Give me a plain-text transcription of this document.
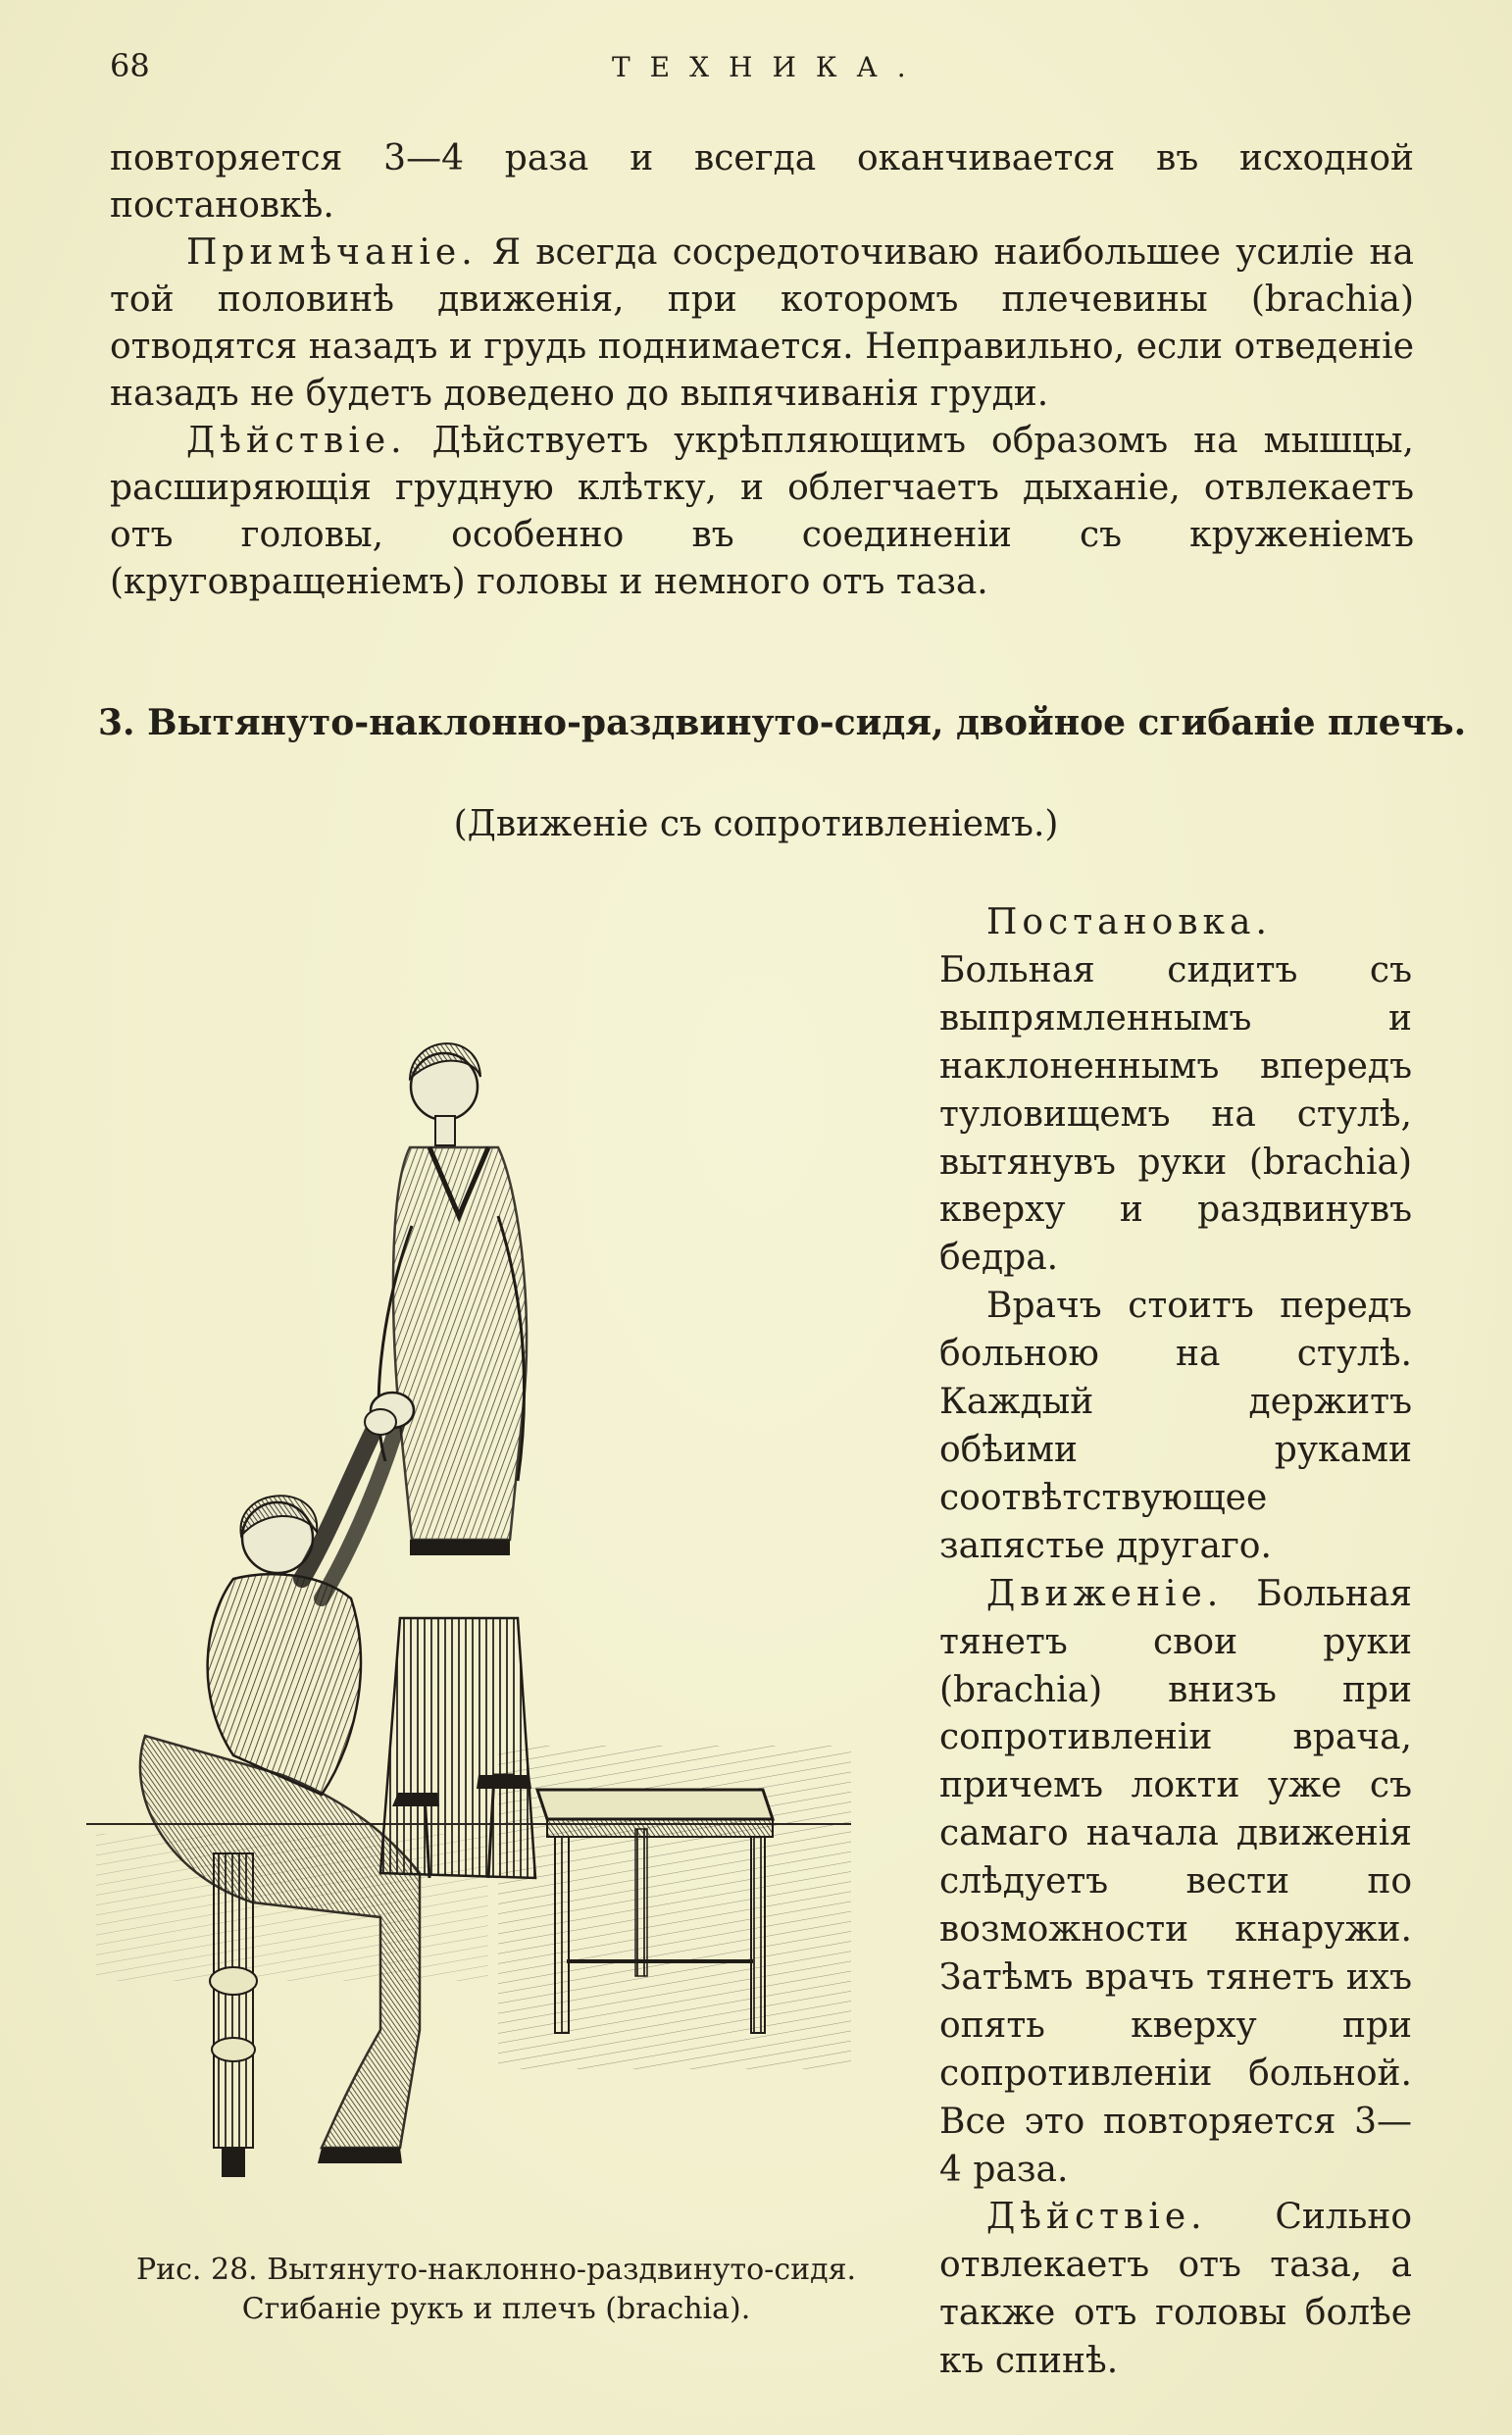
68	ТЕХНИКА.

повторяется 3—4 раза и всегда оканчивается въ исходной постановкѣ.

Примѣчаніе. Я всегда сосредоточиваю наибольшее усиліе на той половинѣ движенія, при которомъ плечевины (brachia) отводятся назадъ и грудь поднимается. Неправильно, если отведеніе назадъ не будетъ доведено до выпячиванія груди.

Дѣйствіе. Дѣйствуетъ укрѣпляющимъ образомъ на мышцы, расширяющія грудную клѣтку, и облегчаетъ дыханіе, отвлекаетъ отъ головы, особенно въ соединеніи съ круженіемъ (круговращеніемъ) головы и немного отъ таза.

3. Вытянуто-наклонно-раздвинуто-сидя, двойное сгибаніе плечъ.
(Движеніе съ сопротивленіемъ.)
Рис. 28. Вытянуто-наклонно-раздвинуто-сидя.
Сгибаніе рукъ и плечъ (brachia).

Постановка. Больная сидитъ съ выпрямленнымъ и наклоненнымъ впередъ туловищемъ на стулѣ, вытянувъ руки (brachia) кверху и раздвинувъ бедра.

Врачъ стоитъ передъ больною на стулѣ. Каждый держитъ обѣими руками соотвѣтствующее запястье другаго.

Движеніе. Больная тянетъ свои руки (brachia) внизъ при сопротивленіи врача, причемъ локти уже съ самаго начала движенія слѣдуетъ вести по возможности кнаружи. Затѣмъ врачъ тянетъ ихъ опять кверху при сопротивленіи больной. Все это повторяется 3—4 раза.

Дѣйствіе. Сильно отвлекаетъ отъ таза, а также отъ головы болѣе къ спинѣ.
